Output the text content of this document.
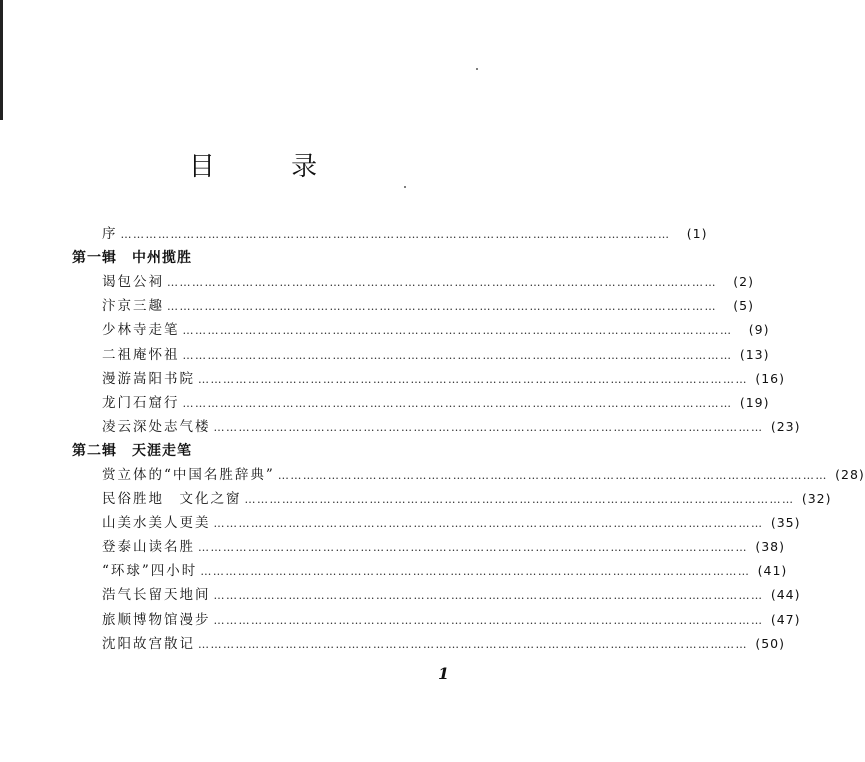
目 录
序 ……………………………………………………………………………………………………………………	(1)
第一辑　中州揽胜
谒包公祠 ……………………………………………………………………………………………………………………	(2)
汴京三趣 ……………………………………………………………………………………………………………………	(5)
少林寺走笔 ……………………………………………………………………………………………………………………	(9)
二祖庵怀祖 …………………………………………………………………………………………………………………… (13)
漫游嵩阳书院 …………………………………………………………………………………………………………………… (16)
龙门石窟行 …………………………………………………………………………………………………………………… (19)
凌云深处志气楼 …………………………………………………………………………………………………………………… (23)
第二辑　天涯走笔
赏立体的“中国名胜辞典” …………………………………………………………………………………………………………………… (28)
民俗胜地　文化之窗 …………………………………………………………………………………………………………………… (32)
山美水美人更美 …………………………………………………………………………………………………………………… (35)
登泰山读名胜 …………………………………………………………………………………………………………………… (38)
“环球”四小时 …………………………………………………………………………………………………………………… (41)
浩气长留天地间 …………………………………………………………………………………………………………………… (44)
旅顺博物馆漫步 …………………………………………………………………………………………………………………… (47)
沈阳故宫散记 …………………………………………………………………………………………………………………… (50)
1
